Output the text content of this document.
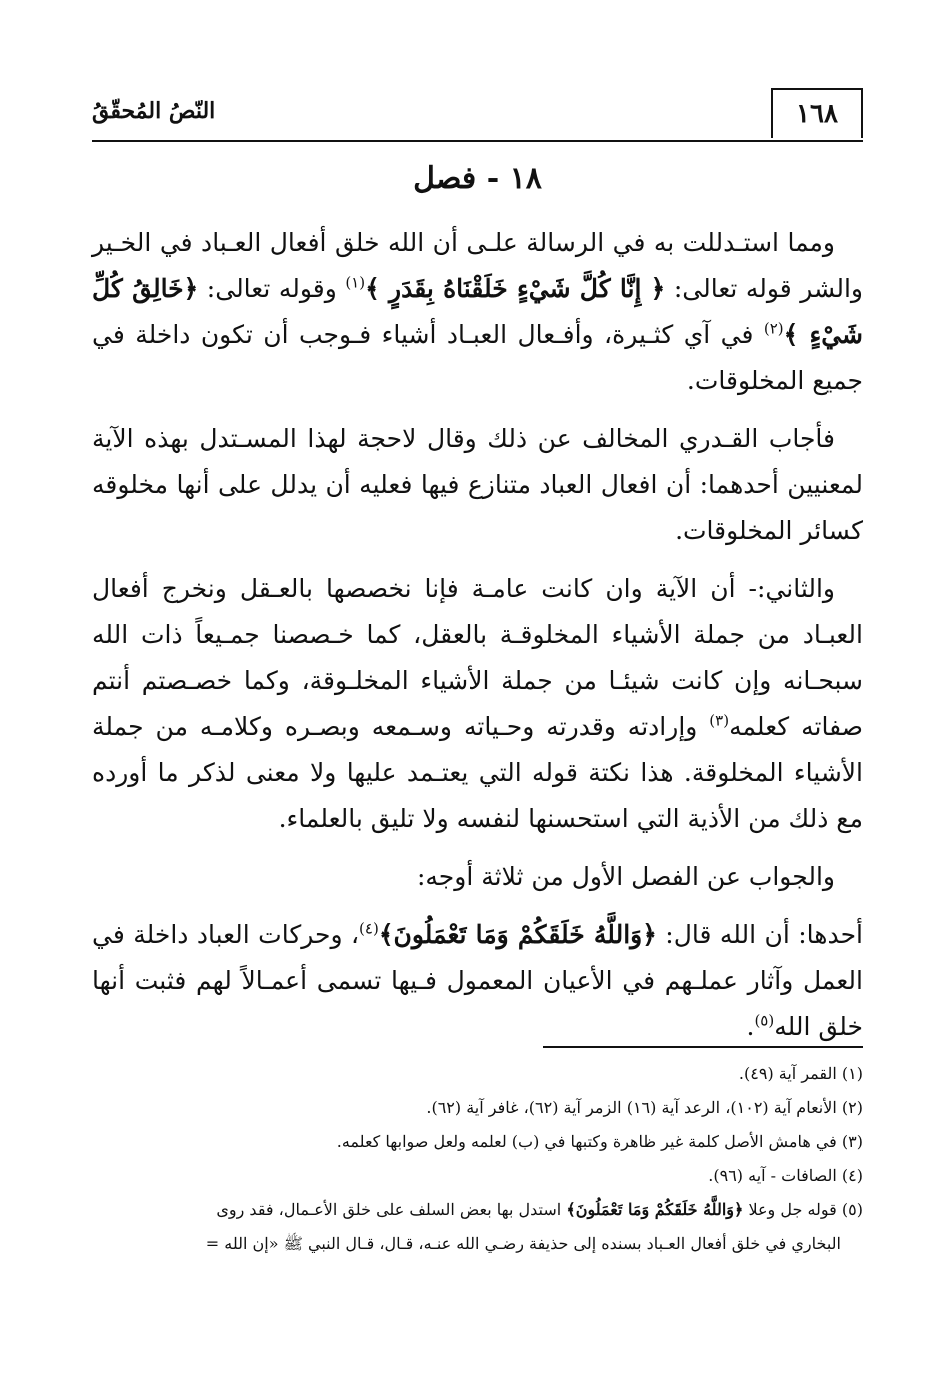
١٦٨
النّصُ المُحقّقُ
١٨ - فصل

ومما استـدللت به في الرسالة علـى أن الله خلق أفعال العـباد في الخـير والشر قوله تعالى: ﴿ إِنَّا كُلَّ شَيْءٍ خَلَقْنَاهُ بِقَدَرٍ ﴾$^{(١)}$ وقوله تعالى: ﴿خَالِقُ كُلِّ شَيْءٍ ﴾$^{(٢)}$ في آي كثـيرة، وأفـعال العبـاد أشياء فـوجب أن تكون داخلة في جميع المخلوقات.

فأجاب القـدري المخالف عن ذلك وقال لاحجة لهذا المسـتدل بهذه الآية لمعنيين أحدهما: أن افعال العباد متنازع فيها فعليه أن يدلل على أنها مخلوقه كسائر المخلوقات.

والثاني:- أن الآية وان كانت عامـة فإنا نخصصها بالعـقل ونخرج أفعال العبـاد من جملة الأشياء المخلوقـة بالعقل، كما خـصصنا جمـيعاً ذات الله سبحـانه وإن كانت شيئـا من جملة الأشياء المخلـوقة، وكما خصـصتم أنتم صفاته كعلمه$^{(٣)}$ وإرادته وقدرته وحـياته وسـمعه وبصـره وكلامـه من جملة الأشياء المخلوقة. هذا نكتة قوله التي يعتـمد عليها ولا معنى لذكر ما أورده مع ذلك من الأذية التي استحسنها لنفسه ولا تليق بالعلماء.

والجواب عن الفصل الأول من ثلاثة أوجه:

أحدها: أن الله قال: ﴿وَاللَّهُ خَلَقَكُمْ وَمَا تَعْمَلُونَ﴾$^{(٤)}$، وحركات العباد داخلة في العمل وآثار عملـهم في الأعيان المعمول فـيها تسمى أعمـالاً لهم فثبت أنها خلق الله$^{(٥)}$.

(١) القمر آية (٤٩).

(٢) الأنعام آية (١٠٢)، الرعد آية (١٦) الزمر آية (٦٢)، غافر آية (٦٢).

(٣) في هامش الأصل كلمة غير ظاهرة وكتبها في (ب) لعلمه ولعل صوابها كعلمه.

(٤) الصافات - آيه (٩٦).

(٥) قوله جل وعلا ﴿وَاللَّهُ خَلَقَكُمْ وَمَا تَعْمَلُونَ﴾ استدل بها بعض السلف على خلق الأعـمال، فقد روى

البخاري في خلق أفعال العـباد بسنده إلى حذيفة رضـي الله عنـه، قـال، قـال النبي ﷺ «إن الله =
